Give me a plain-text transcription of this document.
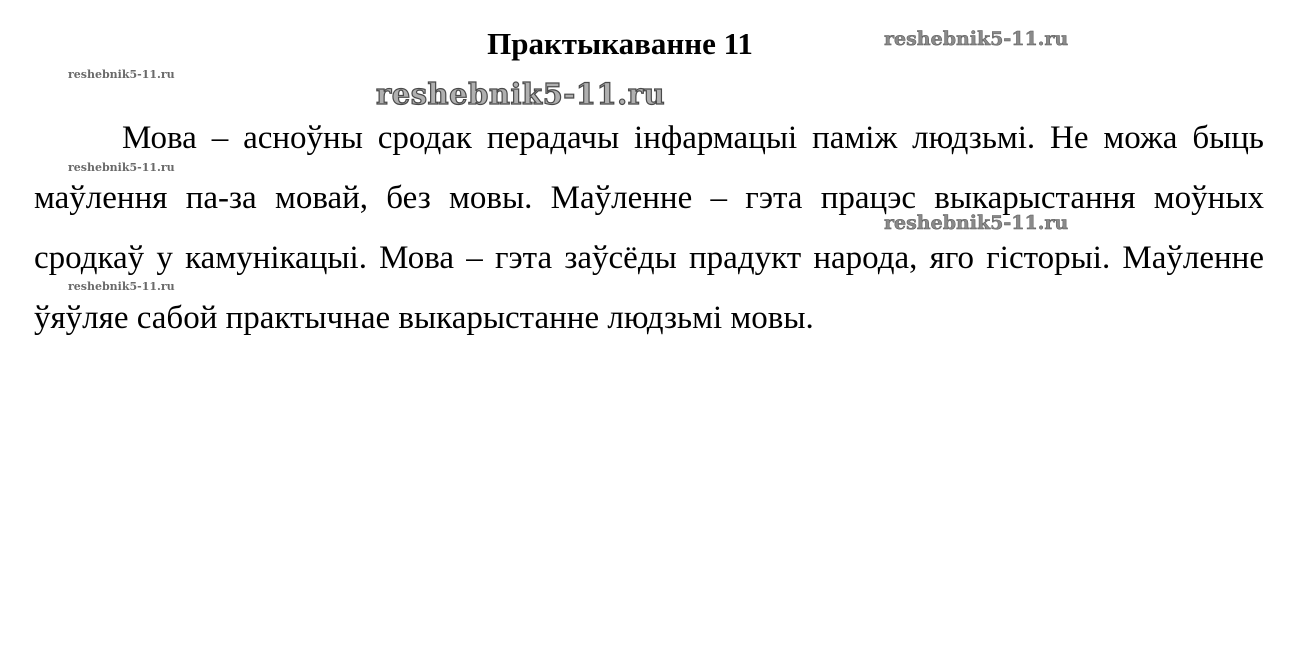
Практыкаванне 11

Мова – асноўны сродак перадачы інфармацыі паміж людзьмі. Не можа быць маўлення па-за мовай, без мовы. Маўленне – гэта працэс выкарыстання моўных сродкаў у камунікацыі. Мова – гэта заўсёды прадукт народа, яго гісторыі. Маўленне ўяўляе сабой практычнае выкарыстанне людзьмі мовы.

reshebnik5-11.ru
reshebnik5-11.ru
reshebnik5-11.ru
reshebnik5-11.ru
reshebnik5-11.ru
reshebnik5-11.ru
